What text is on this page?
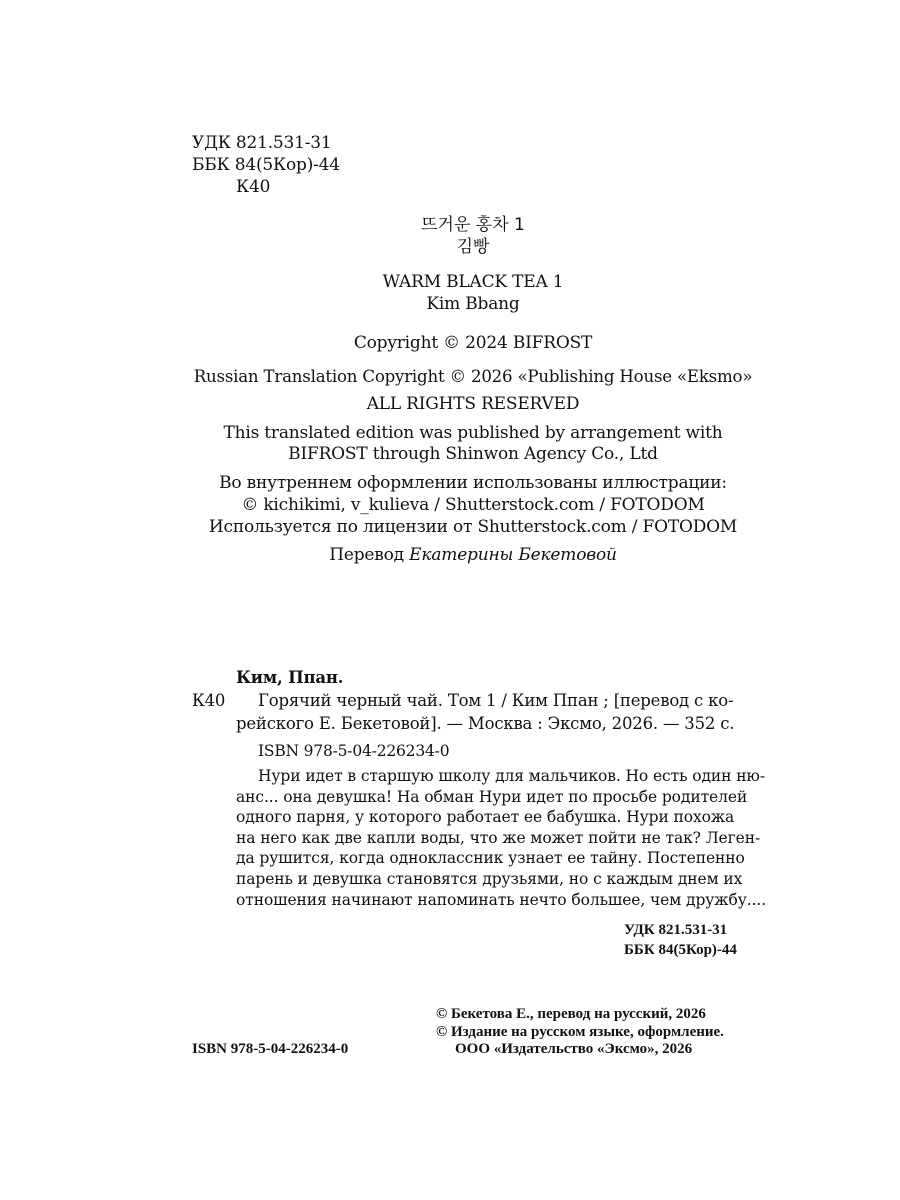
УДК 821.531-31
ББК 84(5Кор)-44
К40
뜨거운 홍차 1
김빵
WARM BLACK TEA 1
Kim Bbang
Copyright © 2024 BIFROST
Russian Translation Copyright © 2026 «Publishing House «Eksmo»
ALL RIGHTS RESERVED
This translated edition was published by arrangement with
BIFROST through Shinwon Agency Co., Ltd
Во внутреннем оформлении использованы иллюстрации:
© kichikimi, v_kulieva / Shutterstock.com / FOTODOM
Используется по лицензии от Shutterstock.com / FOTODOM
Перевод Екатерины Бекетовой
Ким, Ппан.
К40 Горячий черный чай. Том 1 / Ким Ппан ; [перевод с ко-
рейского Е. Бекетовой]. — Москва : Эксмо, 2026. — 352 с.
ISBN 978-5-04-226234-0
Нури идет в старшую школу для мальчиков. Но есть один ню-
анс... она девушка! На обман Нури идет по просьбе родителей
одного парня, у которого работает ее бабушка. Нури похожа
на него как две капли воды, что же может пойти не так? Леген-
да рушится, когда одноклассник узнает ее тайну. Постепенно
парень и девушка становятся друзьями, но с каждым днем их
отношения начинают напоминать нечто большее, чем дружбу....
УДК 821.531-31
ББК 84(5Кор)-44
© Бекетова Е., перевод на русский, 2026
© Издание на русском языке, оформление.
ООО «Издательство «Эксмо», 2026
ISBN 978-5-04-226234-0
